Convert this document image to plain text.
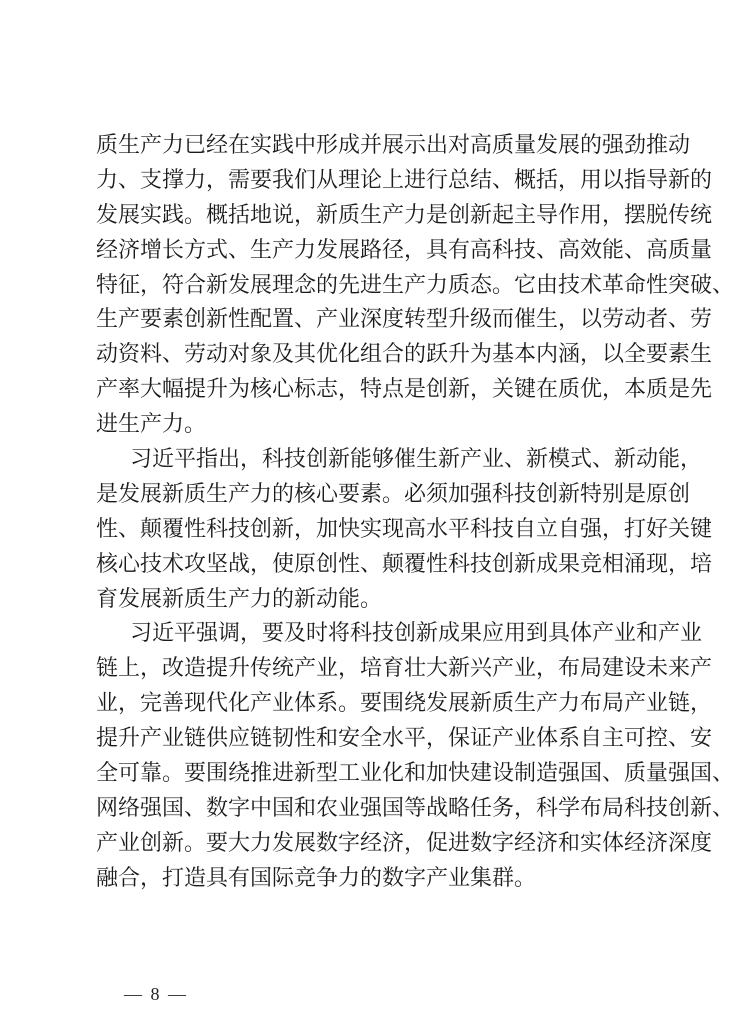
质生产力已经在实践中形成并展示出对高质量发展的强劲推动
力、支撑力，需要我们从理论上进行总结、概括，用以指导新的
发展实践。概括地说，新质生产力是创新起主导作用，摆脱传统
经济增长方式、生产力发展路径，具有高科技、高效能、高质量
特征，符合新发展理念的先进生产力质态。它由技术革命性突破、
生产要素创新性配置、产业深度转型升级而催生，以劳动者、劳
动资料、劳动对象及其优化组合的跃升为基本内涵，以全要素生
产率大幅提升为核心标志，特点是创新，关键在质优，本质是先
进生产力。
习近平指出，科技创新能够催生新产业、新模式、新动能，
是发展新质生产力的核心要素。必须加强科技创新特别是原创
性、颠覆性科技创新，加快实现高水平科技自立自强，打好关键
核心技术攻坚战，使原创性、颠覆性科技创新成果竞相涌现，培
育发展新质生产力的新动能。
习近平强调，要及时将科技创新成果应用到具体产业和产业
链上，改造提升传统产业，培育壮大新兴产业，布局建设未来产
业，完善现代化产业体系。要围绕发展新质生产力布局产业链，
提升产业链供应链韧性和安全水平，保证产业体系自主可控、安
全可靠。要围绕推进新型工业化和加快建设制造强国、质量强国、
网络强国、数字中国和农业强国等战略任务，科学布局科技创新、
产业创新。要大力发展数字经济，促进数字经济和实体经济深度
融合，打造具有国际竞争力的数字产业集群。
— 8 —
